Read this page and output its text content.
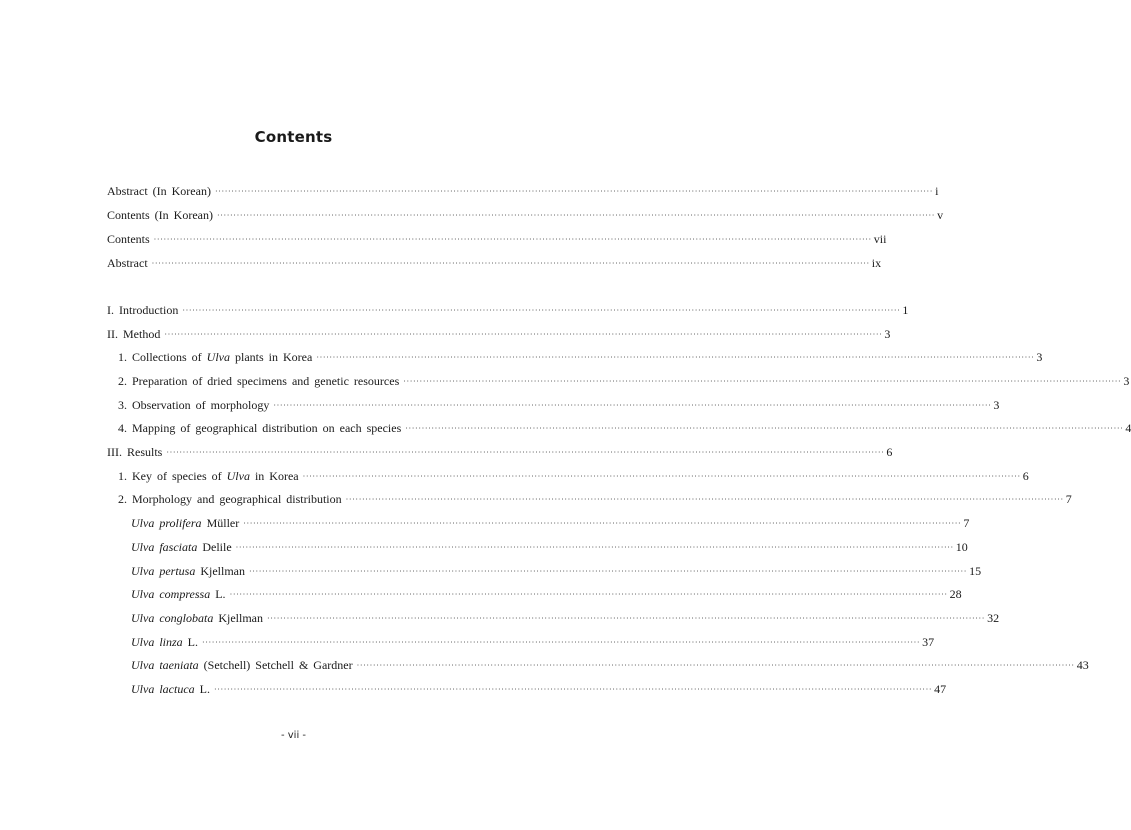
Contents
Abstract (In Korean) ···························································································································································································································· i
Contents (In Korean) ···························································································································································································································· v
Contents ···························································································································································································································· vii
Abstract ···························································································································································································································· ix
I. Introduction ···························································································································································································································· 1
II. Method ···························································································································································································································· 3
1. Collections of Ulva plants in Korea ···························································································································································································································· 3
2. Preparation of dried specimens and genetic resources ···························································································································································································································· 3
3. Observation of morphology ···························································································································································································································· 3
4. Mapping of geographical distribution on each species ···························································································································································································································· 4
III. Results ···························································································································································································································· 6
1. Key of species of Ulva in Korea ···························································································································································································································· 6
2. Morphology and geographical distribution ···························································································································································································································· 7
Ulva prolifera Müller ···························································································································································································································· 7
Ulva fasciata Delile ···························································································································································································································· 10
Ulva pertusa Kjellman ···························································································································································································································· 15
Ulva compressa L. ···························································································································································································································· 28
Ulva conglobata Kjellman ···························································································································································································································· 32
Ulva linza L. ···························································································································································································································· 37
Ulva taeniata (Setchell) Setchell & Gardner ···························································································································································································································· 43
Ulva lactuca L. ···························································································································································································································· 47
- vii -
